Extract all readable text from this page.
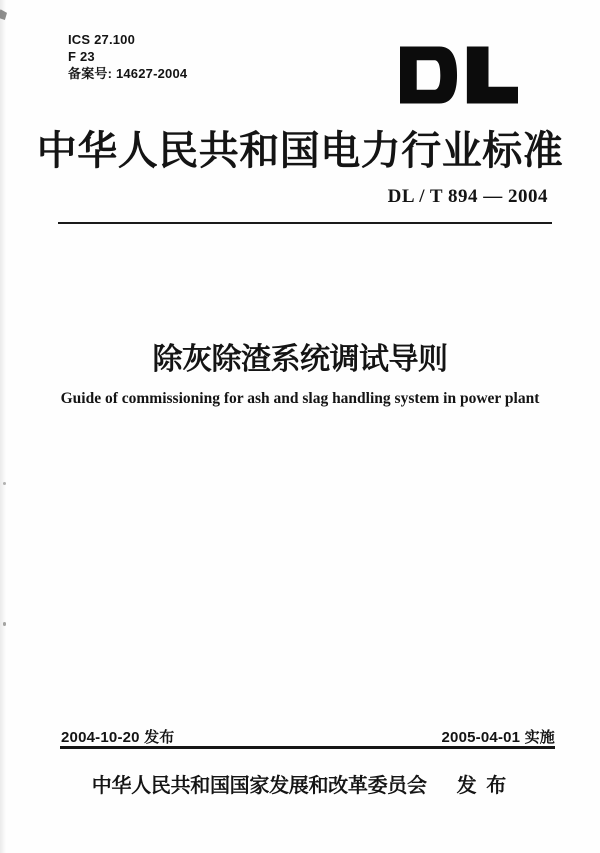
ICS 27.100
F 23
备案号: 14627-2004
中华人民共和国电力行业标准
DL / T 894 — 2004
除灰除渣系统调试导则
Guide of commissioning for ash and slag handling system in power plant
2004-10-20 发布	2005-04-01 实施
中华人民共和国国家发展和改革委员会 发 布
